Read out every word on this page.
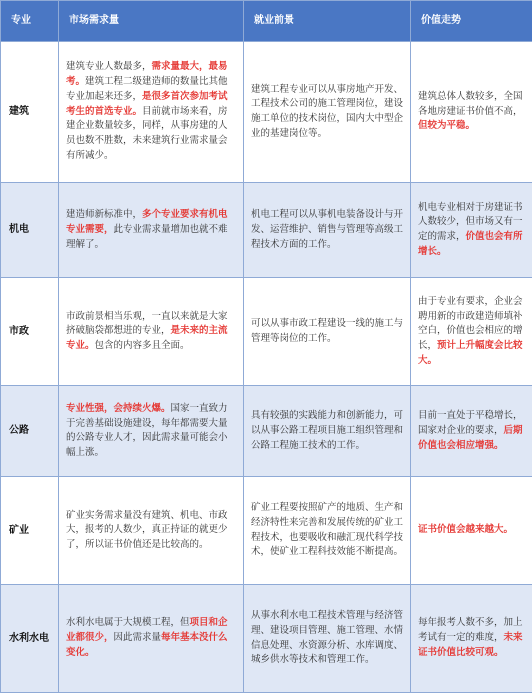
专业	市场需求量	就业前景	价值走势
建筑	建筑专业人数最多，需求量最大，最易考。建筑工程二级建造师的数量比其他专业加起来还多，是很多首次参加考试考生的首选专业。目前就市场来看，房建企业数量较多，同样，从事房建的人员也数不胜数，未来建筑行业需求量会有所减少。	建筑工程专业可以从事房地产开发、工程技术公司的施工管理岗位，建设施工单位的技术岗位，国内大中型企业的基建岗位等。	建筑总体人数较多，全国各地房建证书价值不高，但较为平稳。
机电	建造师新标准中，多个专业要求有机电专业需要，此专业需求量增加也就不难理解了。	机电工程可以从事机电装备设计与开发、运营维护、销售与管理等高级工程技术方面的工作。	机电专业相对于房建证书人数较少，但市场又有一定的需求，价值也会有所增长。
市政	市政前景相当乐观，一直以来就是大家挤破脑袋都想进的专业，是未来的主流专业。包含的内容多且全面。	可以从事市政工程建设一线的施工与管理等岗位的工作。	由于专业有要求，企业会聘用新的市政建造师填补空白，价值也会相应的增长，预计上升幅度会比较大。
公路	专业性强，会持续火爆。国家一直致力于完善基础设施建设，每年都需要大量的公路专业人才，因此需求量可能会小幅上涨。	具有较强的实践能力和创新能力，可以从事公路工程项目施工组织管理和公路工程施工技术的工作。	目前一直处于平稳增长，国家对企业的要求，后期价值也会相应增强。
矿业	矿业实务需求量没有建筑、机电、市政大，报考的人数少，真正持证的就更少了，所以证书价值还是比较高的。	矿业工程要按照矿产的地质、生产和经济特性来完善和发展传统的矿业工程技术，也要吸收和融汇现代科学技术，使矿业工程科技效能不断提高。	证书价值会越来越大。
水利水电	水利水电属于大规模工程，但项目和企业都很少，因此需求量每年基本没什么变化。	从事水利水电工程技术管理与经济管理、建设项目管理、施工管理、水情信息处理、水资源分析、水库调度、城乡供水等技术和管理工作。	每年报考人数不多，加上考试有一定的难度，未来证书价值比较可观。
